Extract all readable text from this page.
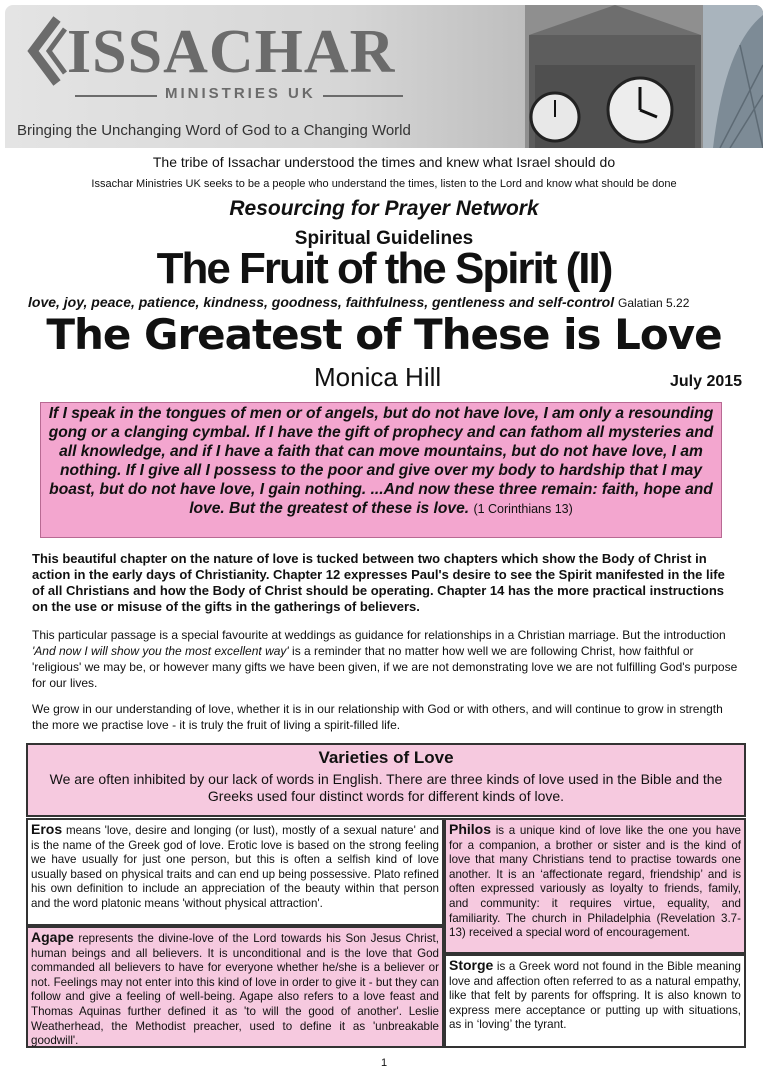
ISSACHAR
MINISTRIES UK
Bringing the Unchanging Word of God to a Changing World

The tribe of Issachar understood the times and knew what Israel should do

Issachar Ministries UK seeks to be a people who understand the times, listen to the Lord and know what should be done

Resourcing for Prayer Network

Spiritual Guidelines

The Fruit of the Spirit (II)

love, joy, peace, patience, kindness, goodness, faithfulness, gentleness and self-control Galatian 5.22

The Greatest of These is Love

Monica Hill	July 2015
If I speak in the tongues of men or of angels, but do not have love, I am only a resounding gong or a clanging cymbal. If I have the gift of prophecy and can fathom all mysteries and all knowledge, and if I have a faith that can move mountains, but do not have love, I am nothing. If I give all I possess to the poor and give over my body to hardship that I may boast, but do not have love, I gain nothing. ...And now these three remain: faith, hope and love. But the greatest of these is love. (1 Corinthians 13)

This beautiful chapter on the nature of love is tucked between two chapters which show the Body of Christ in action in the early days of Christianity. Chapter 12 expresses Paul's desire to see the Spirit manifested in the life of all Christians and how the Body of Christ should be operating. Chapter 14 has the more practical instructions on the use or misuse of the gifts in the gatherings of believers.

This particular passage is a special favourite at weddings as guidance for relationships in a Christian marriage. But the introduction 'And now I will show you the most excellent way' is a reminder that no matter how well we are following Christ, how faithful or 'religious' we may be, or however many gifts we have been given, if we are not demonstrating love we are not fulfilling God's purpose for our lives.

We grow in our understanding of love, whether it is in our relationship with God or with others, and will continue to grow in strength the more we practise love - it is truly the fruit of living a spirit-filled life.

Varieties of Love
We are often inhibited by our lack of words in English. There are three kinds of love used in the Bible and the Greeks used four distinct words for different kinds of love.
Eros means 'love, desire and longing (or lust), mostly of a sexual nature' and is the name of the Greek god of love. Erotic love is based on the strong feeling we have usually for just one person, but this is often a selfish kind of love usually based on physical traits and can end up being possessive. Plato refined his own definition to include an appreciation of the beauty within that person and the word platonic means 'without physical attraction'.
Agape represents the divine-love of the Lord towards his Son Jesus Christ, human beings and all believers. It is unconditional and is the love that God commanded all believers to have for everyone whether he/she is a believer or not. Feelings may not enter into this kind of love in order to give it - but they can follow and give a feeling of well-being. Agape also refers to a love feast and Thomas Aquinas further defined it as 'to will the good of another'. Leslie Weatherhead, the Methodist preacher, used to define it as 'unbreakable goodwill'.
Philos is a unique kind of love like the one you have for a companion, a brother or sister and is the kind of love that many Christians tend to practise towards one another. It is an ‘affectionate regard, friendship’ and is often expressed variously as loyalty to friends, family, and community: it requires virtue, equality, and familiarity. The church in Philadelphia (Revelation 3.7-13) received a special word of encouragement.
Storge is a Greek word not found in the Bible meaning love and affection often referred to as a natural empathy, like that felt by parents for offspring. It is also known to express mere acceptance or putting up with situations, as in ‘loving’ the tyrant.
1
